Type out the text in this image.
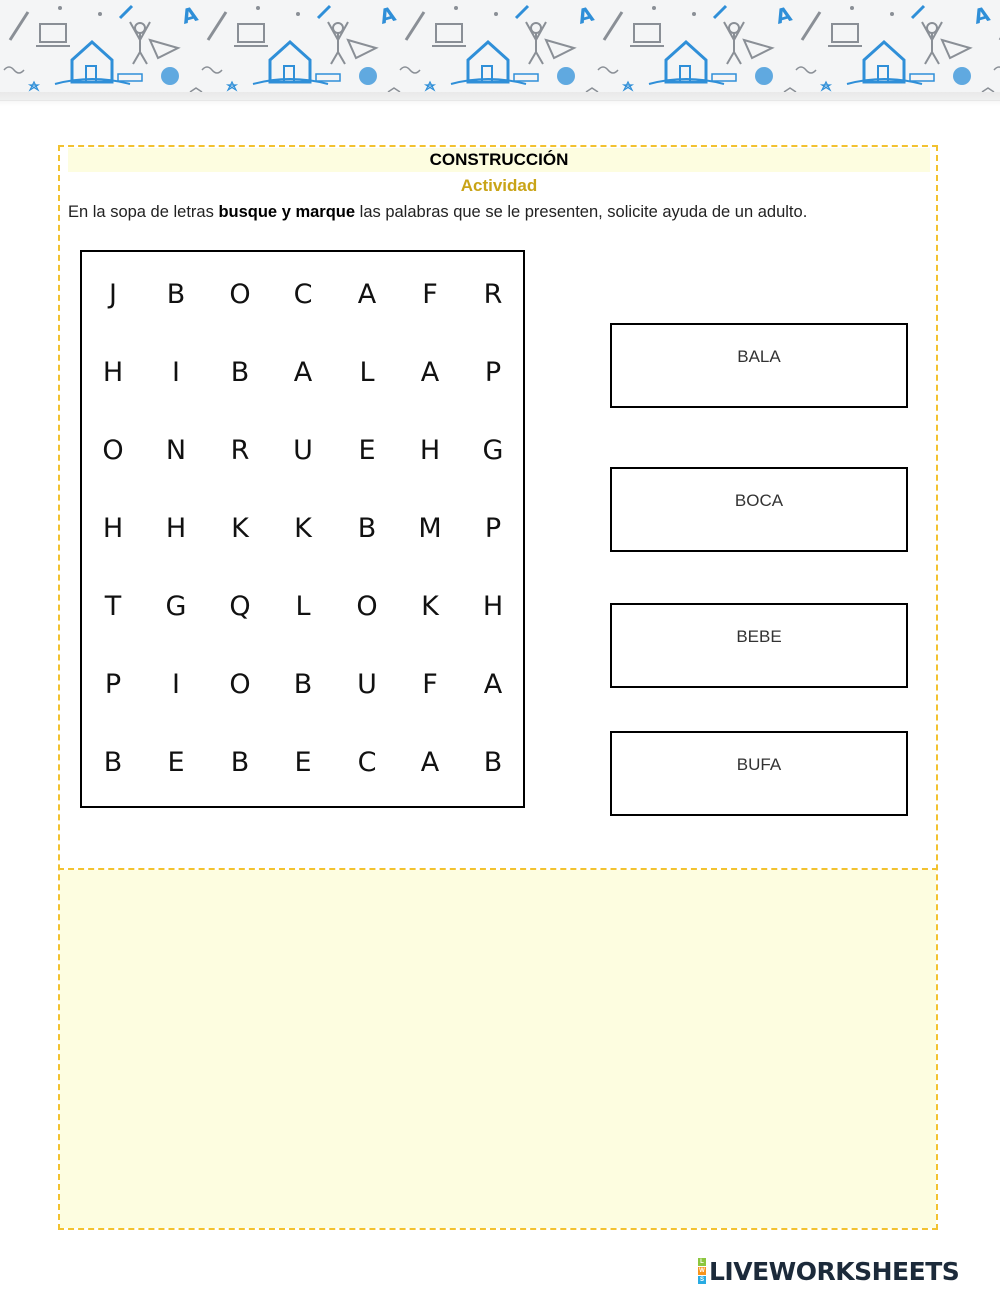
A	A	A	A	A
CONSTRUCCIÓN
Actividad

En la sopa de letras busque y marque las palabras que se le presenten, solicite ayuda de un adulto.

J	B	O	C	A	F	R
H	I	B	A	L	A	P
O	N	R	U	E	H	G
H	H	K	K	B	M	P
T	G	Q	L	O	K	H
P	I	O	B	U	F	A
B	E	B	E	C	A	B
BALA
BOCA
BEBE
BUFA
L
W
S LIVEWORKSHEETS
